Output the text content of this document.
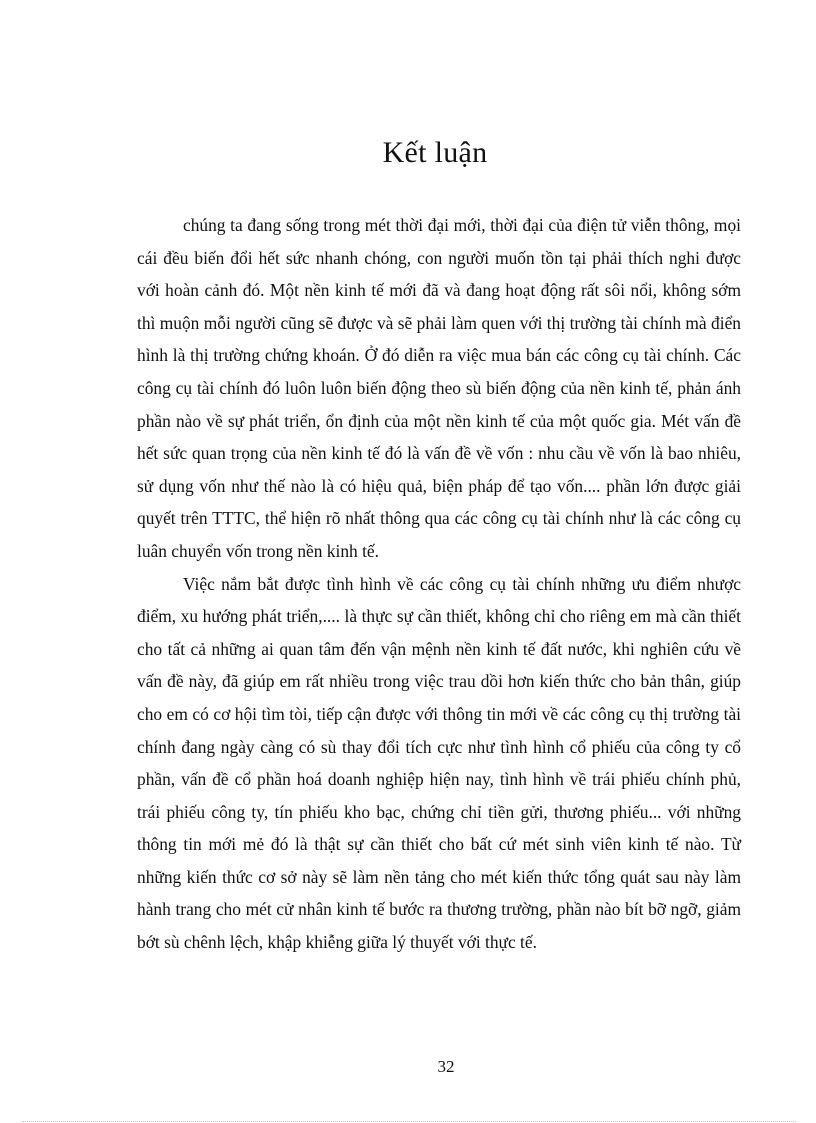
Kết luận

chúng ta đang sống trong mét thời đại mới, thời đại của điện tử viễn thông, mọi cái đều biến đổi hết sức nhanh chóng, con người muốn tồn tại phải thích nghi được với hoàn cảnh đó. Một nền kinh tế mới đã và đang hoạt động rất sôi nổi, không sớm thì muộn mỗi người cũng sẽ được và sẽ phải làm quen với thị trường tài chính mà điển hình là thị trường chứng khoán. Ở đó diễn ra việc mua bán các công cụ tài chính. Các công cụ tài chính đó luôn luôn biến động theo sù biến động của nền kinh tế, phản ánh phần nào về sự phát triển, ổn định của một nền kinh tế của một quốc gia. Mét vấn đề hết sức quan trọng của nền kinh tế đó là vấn đề về vốn : nhu cầu về vốn là bao nhiêu, sử dụng vốn như thế nào là có hiệu quả, biện pháp để tạo vốn.... phần lớn được giải quyết trên TTTC, thể hiện rõ nhất thông qua các công cụ tài chính như là các công cụ luân chuyển vốn trong nền kinh tế.

Việc nắm bắt được tình hình về các công cụ tài chính những ưu điểm nhược điểm, xu hướng phát triển,.... là thực sự cần thiết, không chỉ cho riêng em mà cần thiết cho tất cả những ai quan tâm đến vận mệnh nền kinh tế đất nước, khi nghiên cứu về vấn đề này, đã giúp em rất nhiều trong việc trau dồi hơn kiến thức cho bản thân, giúp cho em có cơ hội tìm tòi, tiếp cận được với thông tin mới về các công cụ thị trường tài chính đang ngày càng có sù thay đổi tích cực như tình hình cổ phiếu của công ty cổ phần, vấn đề cổ phần hoá doanh nghiệp hiện nay, tình hình về trái phiếu chính phủ, trái phiếu công ty, tín phiếu kho bạc, chứng chỉ tiền gửi, thương phiếu... với những thông tin mới mẻ đó là thật sự cần thiết cho bất cứ mét sinh viên kinh tế nào. Từ những kiến thức cơ sở này sẽ làm nền tảng cho mét kiến thức tổng quát sau này làm hành trang cho mét cử nhân kinh tế bước ra thương trường, phần nào bít bỡ ngỡ, giảm bớt sù chênh lệch, khập khiễng giữa lý thuyết với thực tế.

32
